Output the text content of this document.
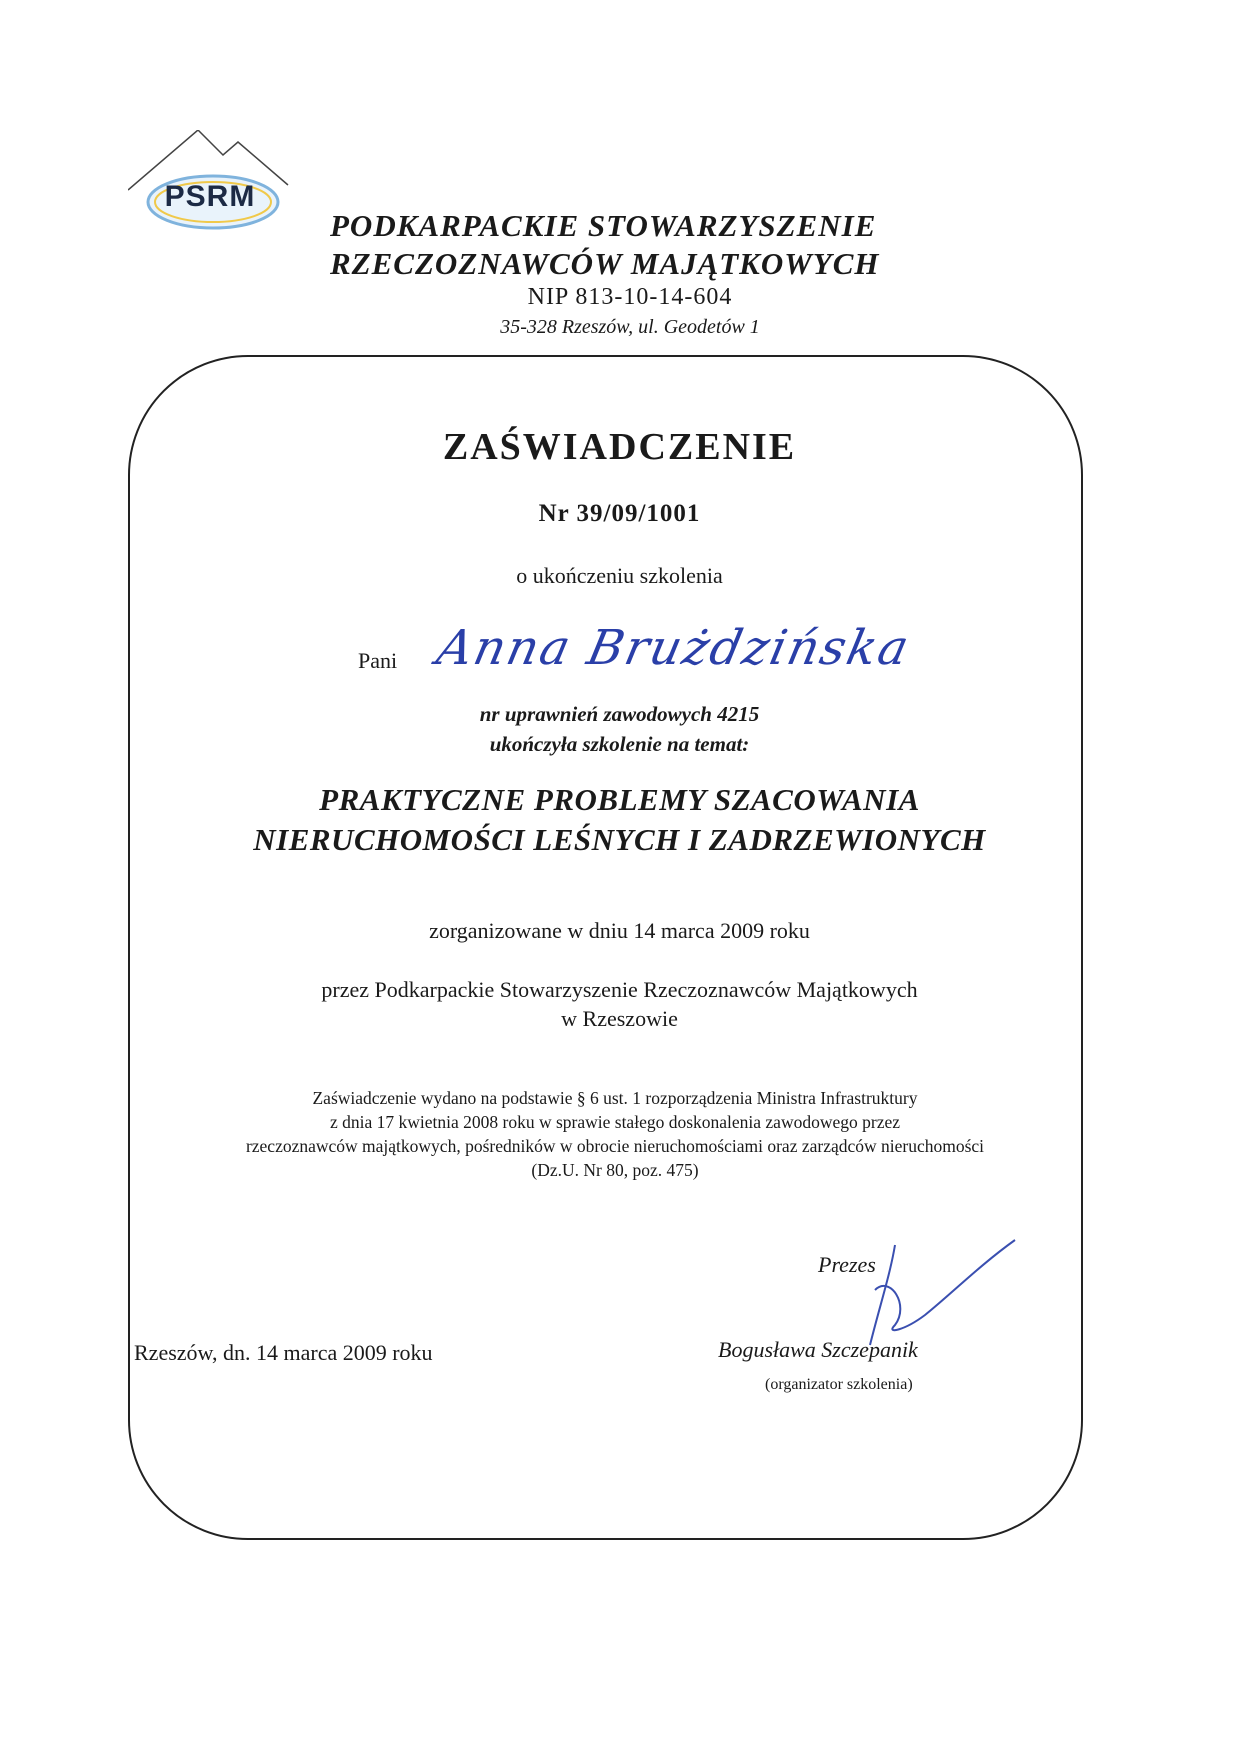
PSRM
PODKARPACKIE STOWARZYSZENIE
RZECZOZNAWCÓW MAJĄTKOWYCH
NIP 813-10-14-604
35-328 Rzeszów, ul. Geodetów 1
ZAŚWIADCZENIE
Nr 39/09/1001
o ukończeniu szkolenia
Pani Anna Brużdzińska
nr uprawnień zawodowych 4215
ukończyła szkolenie na temat:
PRAKTYCZNE PROBLEMY SZACOWANIA
NIERUCHOMOŚCI LEŚNYCH I ZADRZEWIONYCH
zorganizowane w dniu 14 marca 2009 roku
przez Podkarpackie Stowarzyszenie Rzeczoznawców Majątkowych
w Rzeszowie
Zaświadczenie wydano na podstawie § 6 ust. 1 rozporządzenia Ministra Infrastruktury
z dnia 17 kwietnia 2008 roku w sprawie stałego doskonalenia zawodowego przez
rzeczoznawców majątkowych, pośredników w obrocie nieruchomościami oraz zarządców nieruchomości
(Dz.U. Nr 80, poz. 475)
Prezes
Bogusława Szczepanik
(organizator szkolenia)
Rzeszów, dn. 14 marca 2009 roku
